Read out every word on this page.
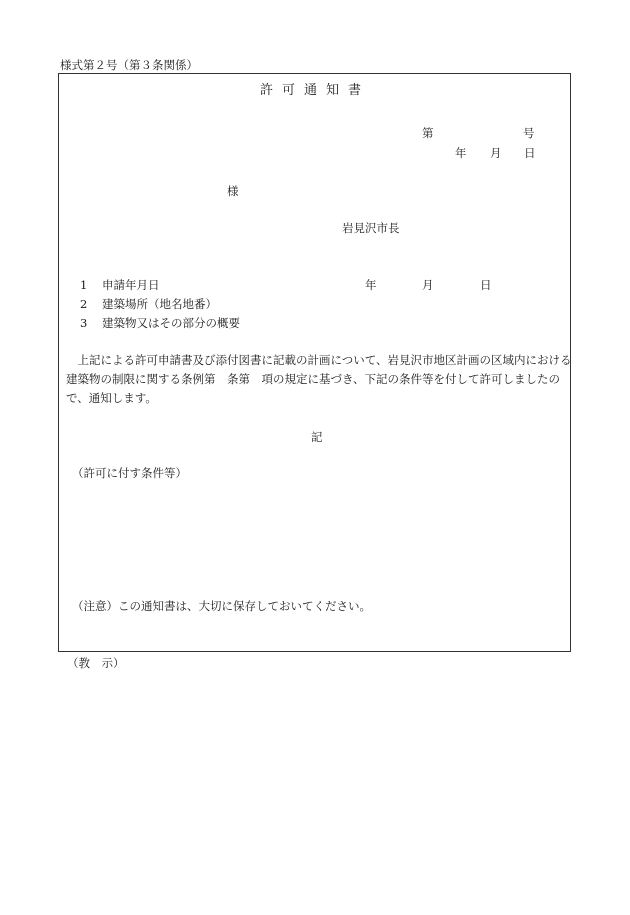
様式第２号（第３条関係）
許可通知書
第	号
年 月 日
様
岩見沢市長
1 申請年月日	年	月	日
2 建築場所（地名地番）
3 建築物又はその部分の概要
　上記による許可申請書及び添付図書に記載の計画について、岩見沢市地区計画の区域内における
建築物の制限に関する条例第　条第　項の規定に基づき、下記の条件等を付して許可しましたの
で、通知します。
記
（許可に付す条件等）
（注意）この通知書は、大切に保存しておいてください。
（教　示）
